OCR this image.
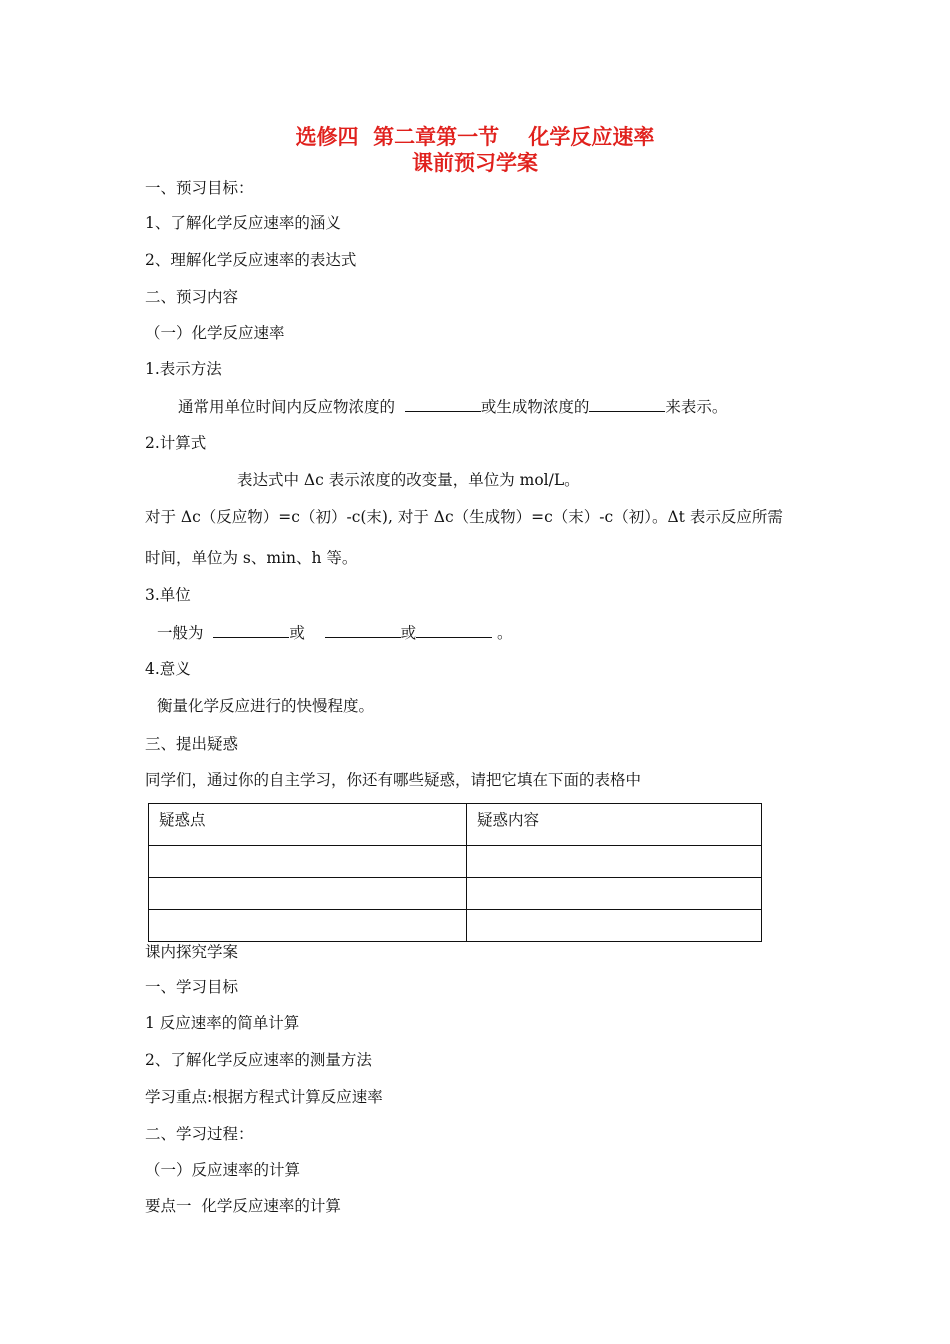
选修四  第二章第一节    化学反应速率
课前预习学案
一、预习目标：
1、了解化学反应速率的涵义
2、理解化学反应速率的表达式
二、预习内容
（一）化学反应速率
1.表示方法
通常用单位时间内反应物浓度的	或生成物浓度的	来表示。
2.计算式
表达式中 Δc 表示浓度的改变量，单位为 mol/L。
对于 Δc（反应物）=c（初）-c(末), 对于 Δc（生成物）=c（末）-c（初）。Δt 表示反应所需
时间，单位为 s、min、h 等。
3.单位
一般为	或	或	。
4.意义
衡量化学反应进行的快慢程度。
三、提出疑惑
同学们，通过你的自主学习，你还有哪些疑惑，请把它填在下面的表格中
疑惑点	疑惑内容

课内探究学案
一、学习目标
1 反应速率的简单计算
2、了解化学反应速率的测量方法
学习重点:根据方程式计算反应速率
二、学习过程：
（一）反应速率的计算
要点一  化学反应速率的计算
